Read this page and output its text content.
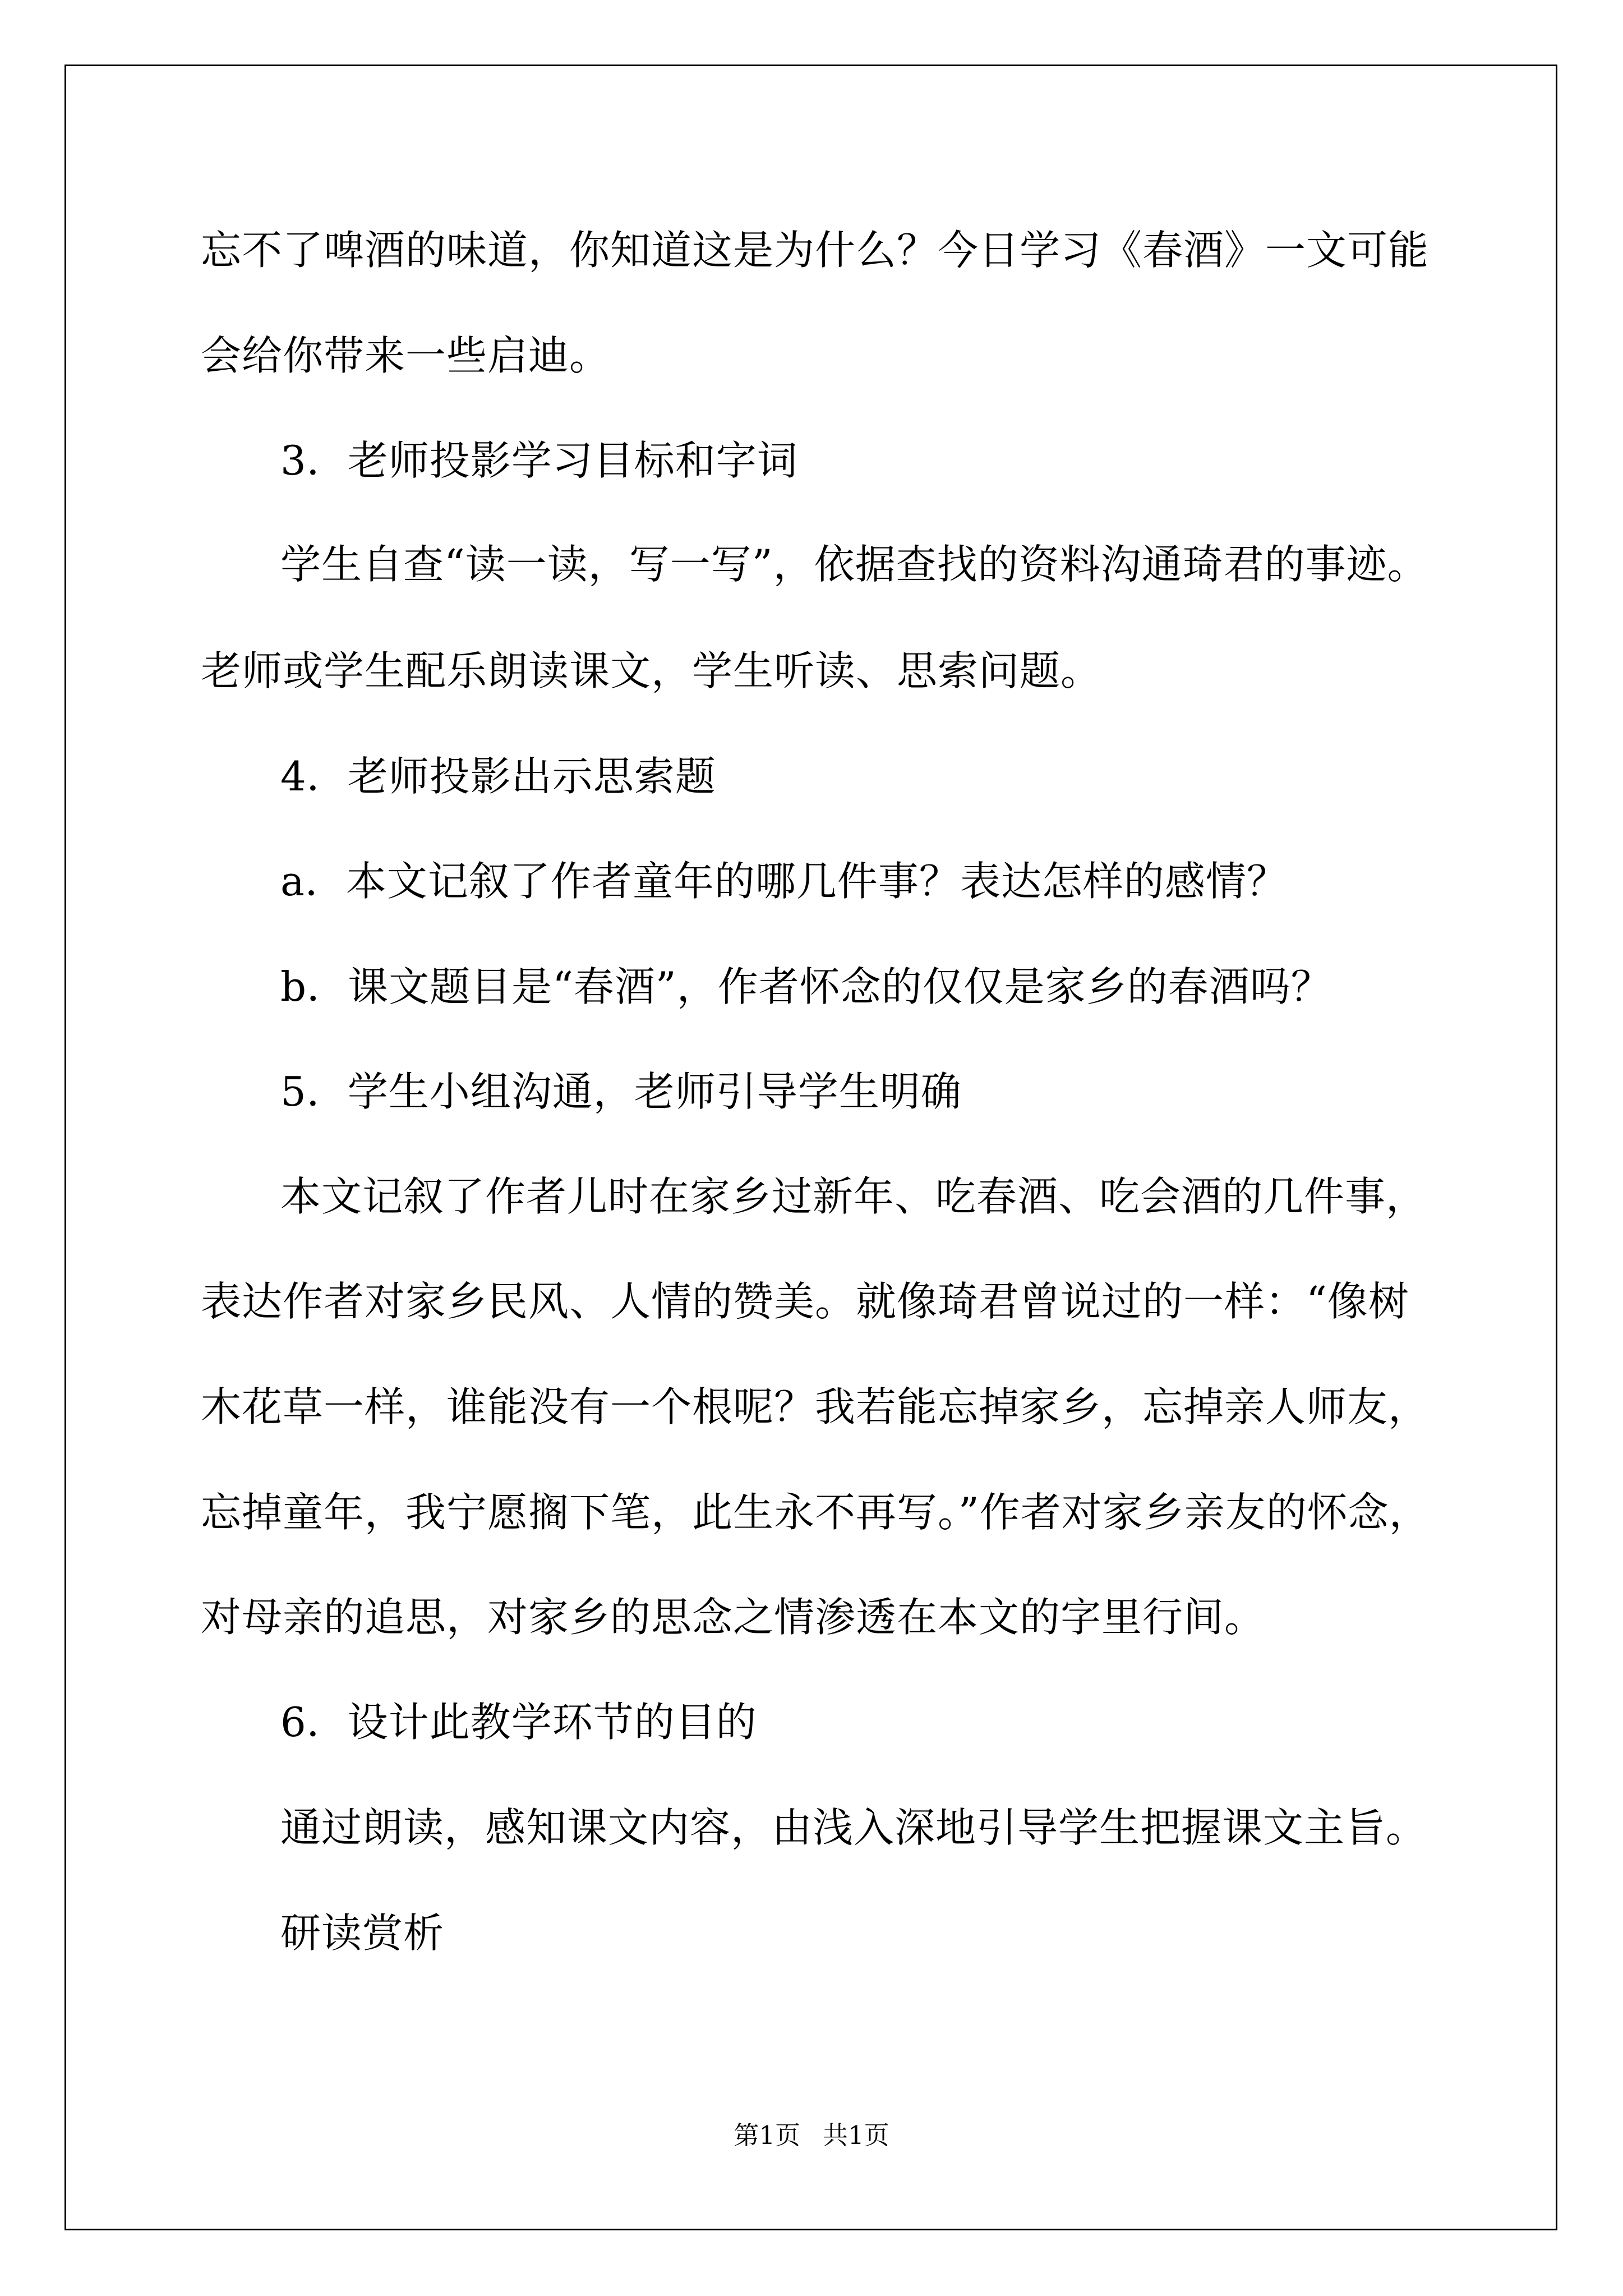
忘不了啤酒的味道，你知道这是为什么？今日学习《春酒》一文可能
会给你带来一些启迪。
3．老师投影学习目标和字词
学生自查“读一读，写一写”，依据查找的资料沟通琦君的事迹。
老师或学生配乐朗读课文，学生听读、思索问题。
4．老师投影出示思索题
a．本文记叙了作者童年的哪几件事？表达怎样的感情？
b．课文题目是“春酒”，作者怀念的仅仅是家乡的春酒吗？
5．学生小组沟通，老师引导学生明确
本文记叙了作者儿时在家乡过新年、吃春酒、吃会酒的几件事，
表达作者对家乡民风、人情的赞美。就像琦君曾说过的一样：“像树
木花草一样，谁能没有一个根呢？我若能忘掉家乡，忘掉亲人师友，
忘掉童年，我宁愿搁下笔，此生永不再写。”作者对家乡亲友的怀念，
对母亲的追思，对家乡的思念之情渗透在本文的字里行间。
6．设计此教学环节的目的
通过朗读，感知课文内容，由浅入深地引导学生把握课文主旨。
研读赏析
第1页 共1页
